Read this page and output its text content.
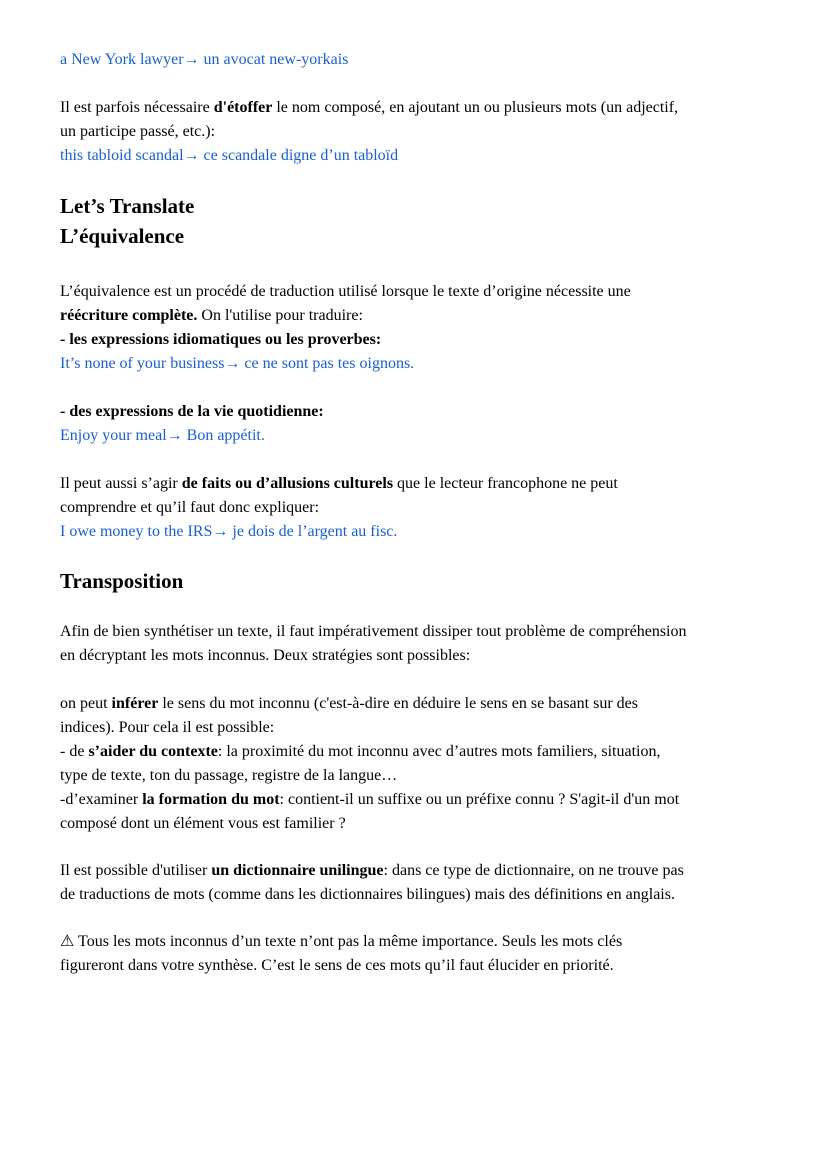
a New York lawyer→ un avocat new-yorkais
Il est parfois nécessaire d'étoffer le nom composé, en ajoutant un ou plusieurs mots (un adjectif,
un participe passé, etc.):
this tabloid scandal→ ce scandale digne d’un tabloïd
Let’s Translate
L’équivalence
L’équivalence est un procédé de traduction utilisé lorsque le texte d’origine nécessite une
réécriture complète. On l'utilise pour traduire:
- les expressions idiomatiques ou les proverbes:
It’s none of your business→ ce ne sont pas tes oignons.
- des expressions de la vie quotidienne:
Enjoy your meal→ Bon appétit.
Il peut aussi s’agir de faits ou d’allusions culturels que le lecteur francophone ne peut
comprendre et qu’il faut donc expliquer:
I owe money to the IRS→ je dois de l’argent au fisc.
Transposition
Afin de bien synthétiser un texte, il faut impérativement dissiper tout problème de compréhension
en décryptant les mots inconnus. Deux stratégies sont possibles:
on peut inférer le sens du mot inconnu (c'est-à-dire en déduire le sens en se basant sur des
indices). Pour cela il est possible:
- de s’aider du contexte: la proximité du mot inconnu avec d’autres mots familiers, situation,
type de texte, ton du passage, registre de la langue…
-d’examiner la formation du mot: contient-il un suffixe ou un préfixe connu ? S'agit-il d'un mot
composé dont un élément vous est familier ?
Il est possible d'utiliser un dictionnaire unilingue: dans ce type de dictionnaire, on ne trouve pas
de traductions de mots (comme dans les dictionnaires bilingues) mais des définitions en anglais.
⚠ Tous les mots inconnus d’un texte n’ont pas la même importance. Seuls les mots clés
figureront dans votre synthèse. C’est le sens de ces mots qu’il faut élucider en priorité.
